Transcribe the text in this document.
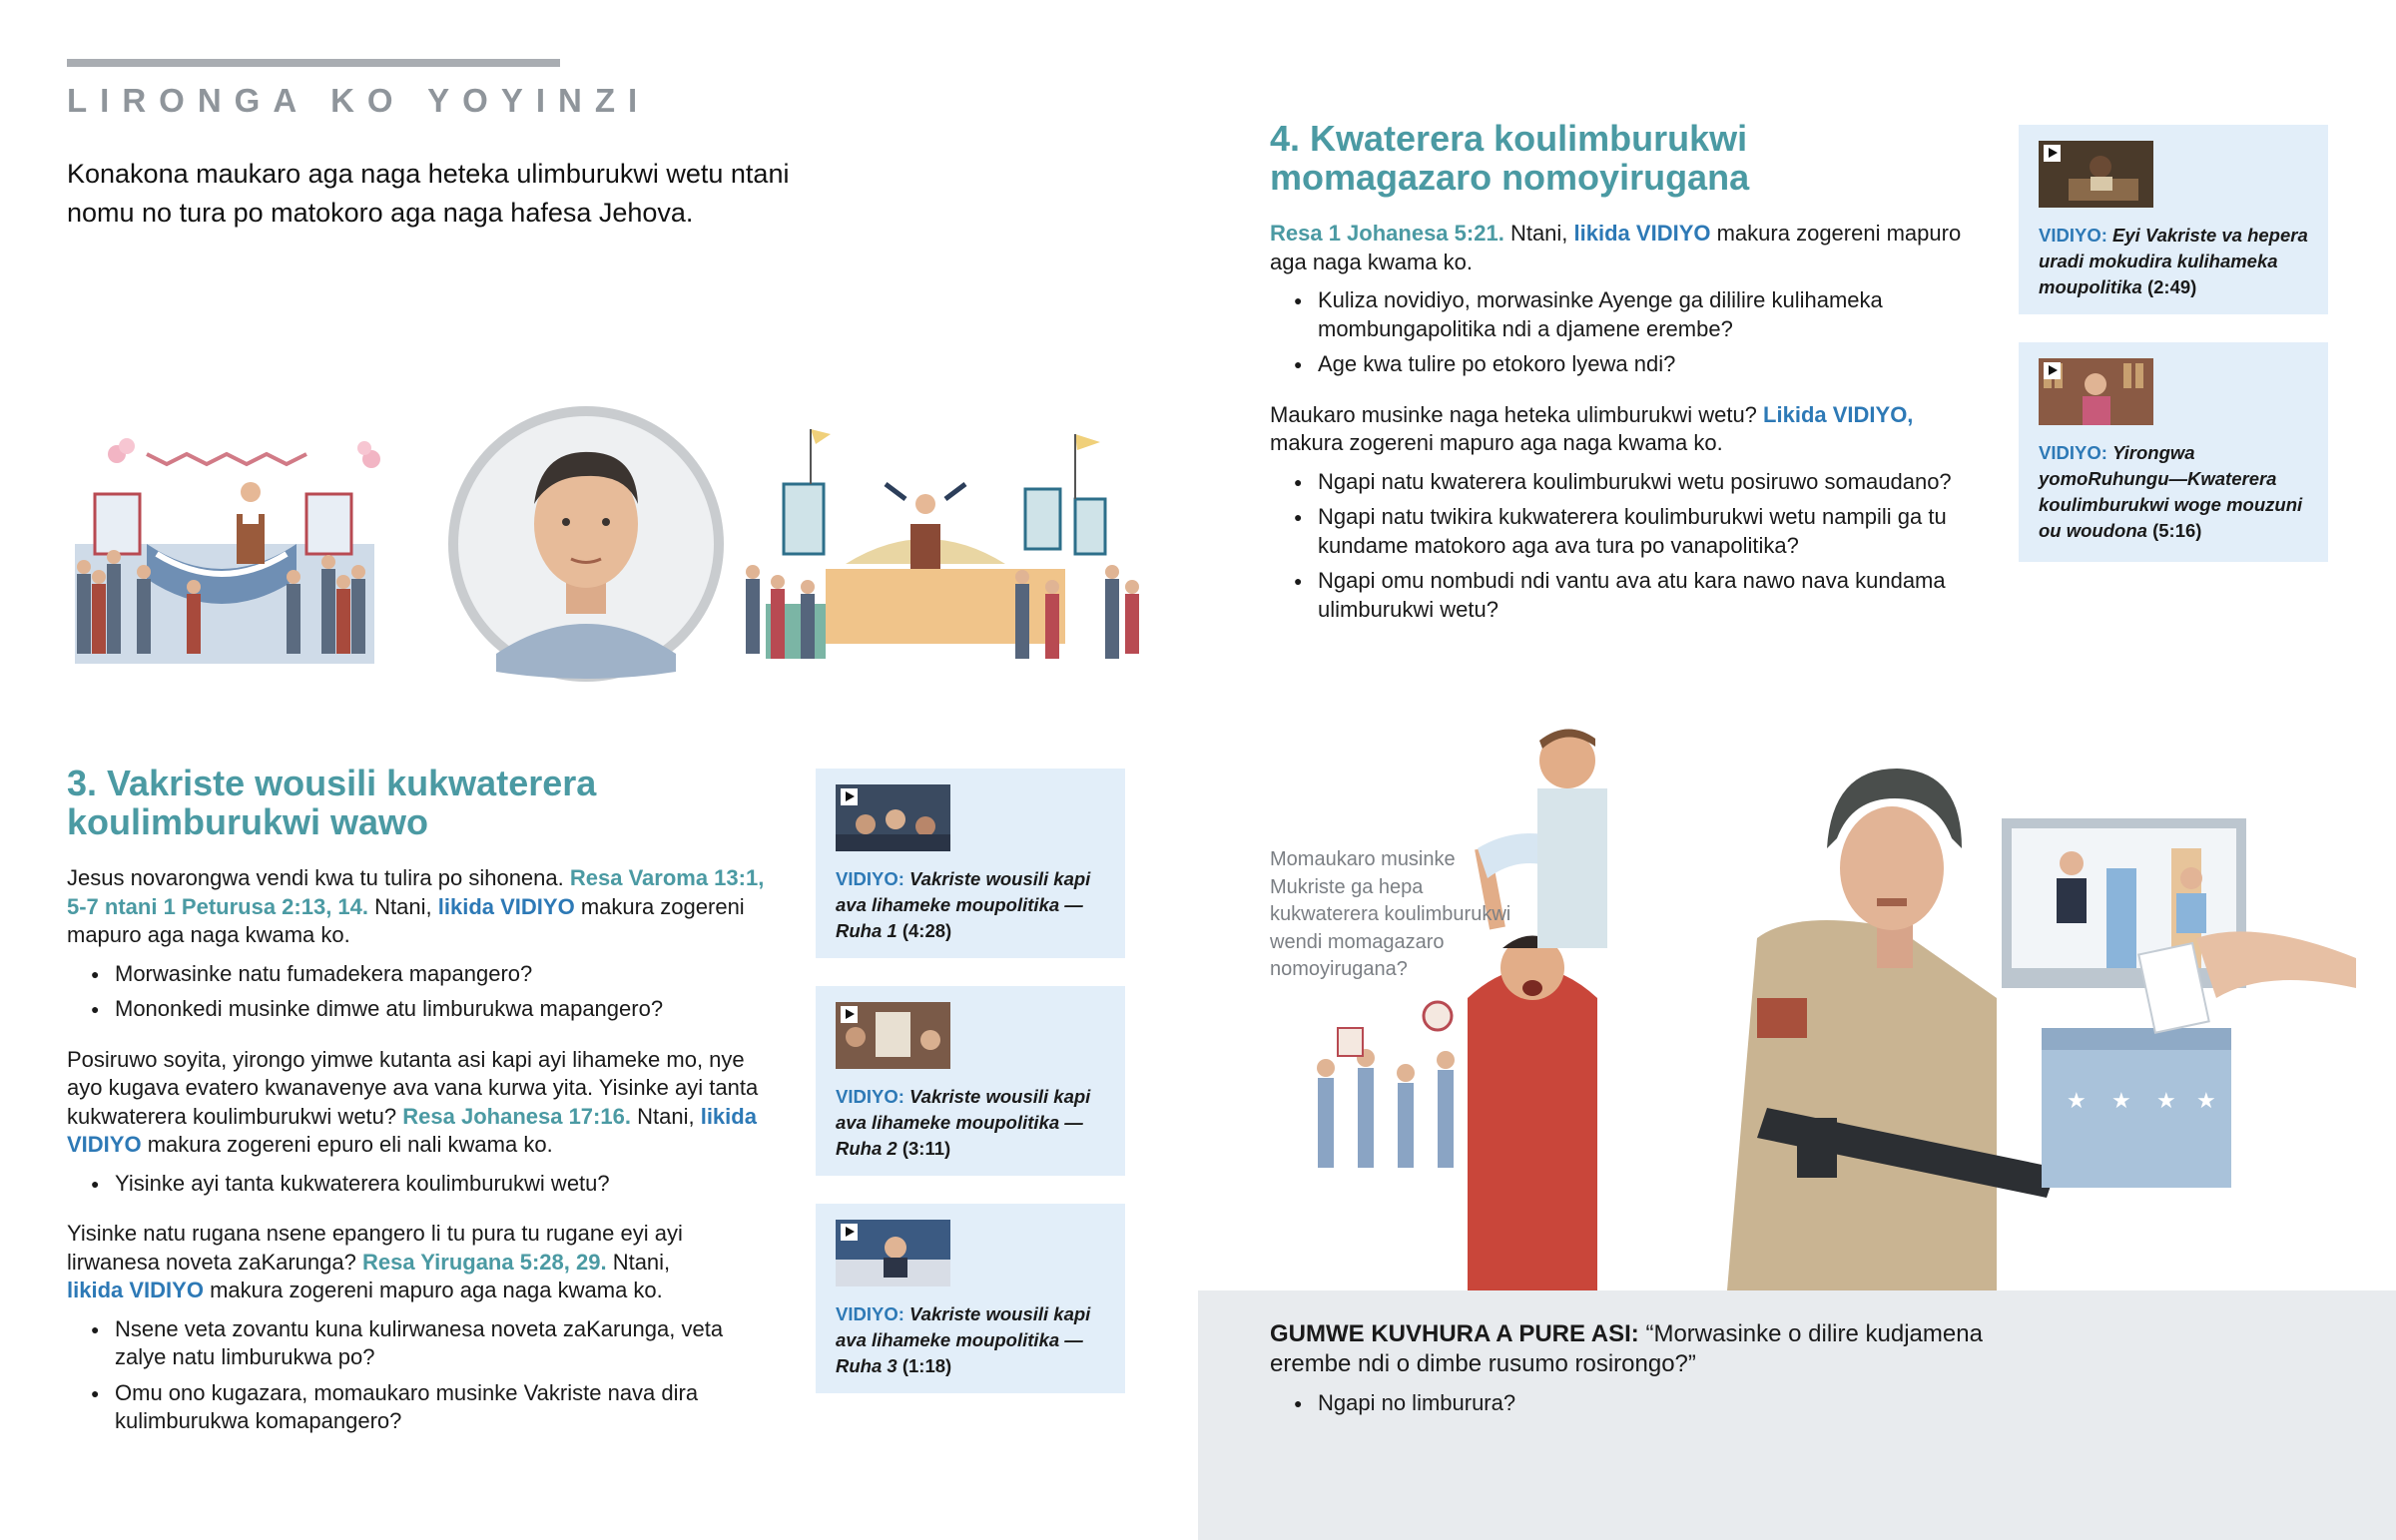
LIRONGA KO YOYINZI
Konakona maukaro aga naga heteka ulimburukwi wetu ntani nomu no tura po matokoro aga naga hafesa Jehova.
3. Vakriste wousili kukwaterera koulimburukwi wawo

Jesus novarongwa vendi kwa tu tulira po sihonena. Resa Varoma 13:1, 5-7 ntani 1 Peturusa 2:13, 14. Ntani, likida VIDIYO makura zogereni mapuro aga naga kwama ko.

● Morwasinke natu fumadekera mapangero?
● Mononkedi musinke dimwe atu limburukwa mapangero?

Posiruwo soyita, yirongo yimwe kutanta asi kapi ayi lihameke mo, nye ayo kugava evatero kwanavenye ava vana kurwa yita. Yisinke ayi tanta kukwaterera koulimburukwi wetu? Resa Johanesa 17:16. Ntani, likida VIDIYO makura zogereni epuro eli nali kwama ko.

● Yisinke ayi tanta kukwaterera koulimburukwi wetu?

Yisinke natu rugana nsene epangero li tu pura tu rugane eyi ayi lirwanesa noveta zaKarunga? Resa Yirugana 5:28, 29. Ntani,
likida VIDIYO makura zogereni mapuro aga naga kwama ko.

● Nsene veta zovantu kuna kulirwanesa noveta zaKarunga, veta zalye natu limburukwa po?
● Omu ono kugazara, momaukaro musinke Vakriste nava dira kulimburukwa komapangero?
VIDIYO: Vakriste wousili kapi ava lihameke moupolitika —Ruha 1 (4:28)
VIDIYO: Vakriste wousili kapi ava lihameke moupolitika —Ruha 2 (3:11)
VIDIYO: Vakriste wousili kapi ava lihameke moupolitika —Ruha 3 (1:18)
4. Kwaterera koulimburukwi momagazaro nomoyirugana

Resa 1 Johanesa 5:21. Ntani, likida VIDIYO makura zogereni mapuro aga naga kwama ko.

● Kuliza novidiyo, morwasinke Ayenge ga dililire kulihameka mombungapolitika ndi a djamene erembe?
● Age kwa tulire po etokoro lyewa ndi?

Maukaro musinke naga heteka ulimburukwi wetu? Likida VIDIYO, makura zogereni mapuro aga naga kwama ko.

● Ngapi natu kwaterera koulimburukwi wetu posiruwo somaudano?
● Ngapi natu twikira kukwaterera koulimburukwi wetu nampili ga tu kundame matokoro aga ava tura po vanapolitika?
● Ngapi omu nombudi ndi vantu ava atu kara nawo nava kundama ulimburukwi wetu?
VIDIYO: Eyi Vakriste va hepera uradi mokudira kulihameka moupolitika (2:49)
VIDIYO: Yirongwa yomoRuhungu—Kwaterera koulimburukwi woge mouzuni ou woudona (5:16)
★ ★ ★ ★
Momaukaro musinke Mukriste ga hepa kukwaterera koulimburukwi wendi momagazaro nomoyirugana?

GUMWE KUVHURA A PURE ASI: “Morwasinke o dilire kudjamena erembe ndi o dimbe rusumo rosirongo?”

● Ngapi no limburura?
